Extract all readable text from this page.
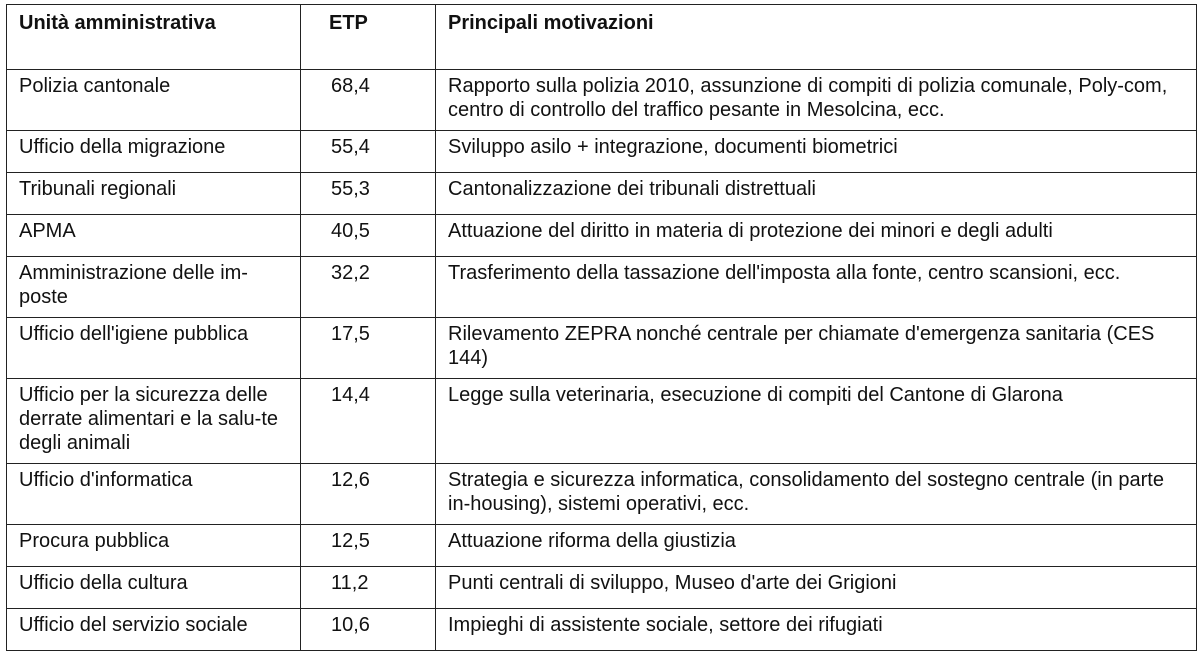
Unità amministrativa	ETP	Principali motivazioni
Polizia cantonale	68,4	Rapporto sulla polizia 2010, assunzione di compiti di polizia comunale, Poly-com, centro di controllo del traffico pesante in Mesolcina, ecc.
Ufficio della migrazione	55,4	Sviluppo asilo + integrazione, documenti biometrici
Tribunali regionali	55,3	Cantonalizzazione dei tribunali distrettuali
APMA	40,5	Attuazione del diritto in materia di protezione dei minori e degli adulti
Amministrazione delle im-poste	32,2	Trasferimento della tassazione dell'imposta alla fonte, centro scansioni, ecc.
Ufficio dell'igiene pubblica	17,5	Rilevamento ZEPRA nonché centrale per chiamate d'emergenza sanitaria (CES 144)
Ufficio per la sicurezza delle derrate alimentari e la salu-te degli animali	14,4	Legge sulla veterinaria, esecuzione di compiti del Cantone di Glarona
Ufficio d'informatica	12,6	Strategia e sicurezza informatica, consolidamento del sostegno centrale (in parte in-housing), sistemi operativi, ecc.
Procura pubblica	12,5	Attuazione riforma della giustizia
Ufficio della cultura	11,2	Punti centrali di sviluppo, Museo d'arte dei Grigioni
Ufficio del servizio sociale	10,6	Impieghi di assistente sociale, settore dei rifugiati
